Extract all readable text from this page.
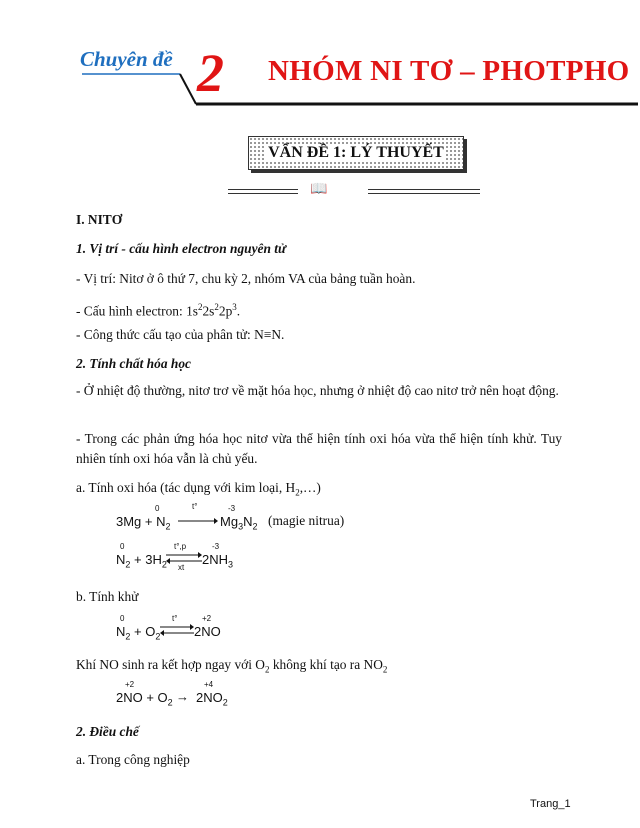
Chuyên đề 2 NHÓM NI TƠ – PHOTPHO
VẤN ĐỀ 1: LÝ THUYẾT
📖
I. NITƠ
1. Vị trí - cấu hình electron nguyên tử
- Vị trí: Nitơ ở ô thứ 7, chu kỳ 2, nhóm VA của bảng tuần hoàn.
- Cấu hình electron: $1s^22s^22p^3$.
- Công thức cấu tạo của phân tử: N≡N.
2. Tính chất hóa học
- Ở nhiệt độ thường, nitơ trơ về mặt hóa học, nhưng ở nhiệt độ cao nitơ trở nên hoạt động.
- Trong các phản ứng hóa học nitơ vừa thể hiện tính oxi hóa vừa thể hiện tính khử. Tuy nhiên tính oxi hóa vẫn là chủ yếu.
a. Tính oxi hóa (tác dụng với kim loại, $H_2,\dots$)
0	t°	-3
$3Mg + N_2$	$Mg_3N_2$ (magie nitrua)
0	t°,p	-3
xt
$N_2 + 3H_2$	$2NH_3$
b. Tính khử
0	t°	+2
$N_2 + O_2$	2NO
Khí NO sinh ra kết hợp ngay với $O_2$ không khí tạo ra $NO_2$
+2	+4
$2NO + O_2 \to 2NO_2$
2. Điều chế
a. Trong công nghiệp
Trang_1
